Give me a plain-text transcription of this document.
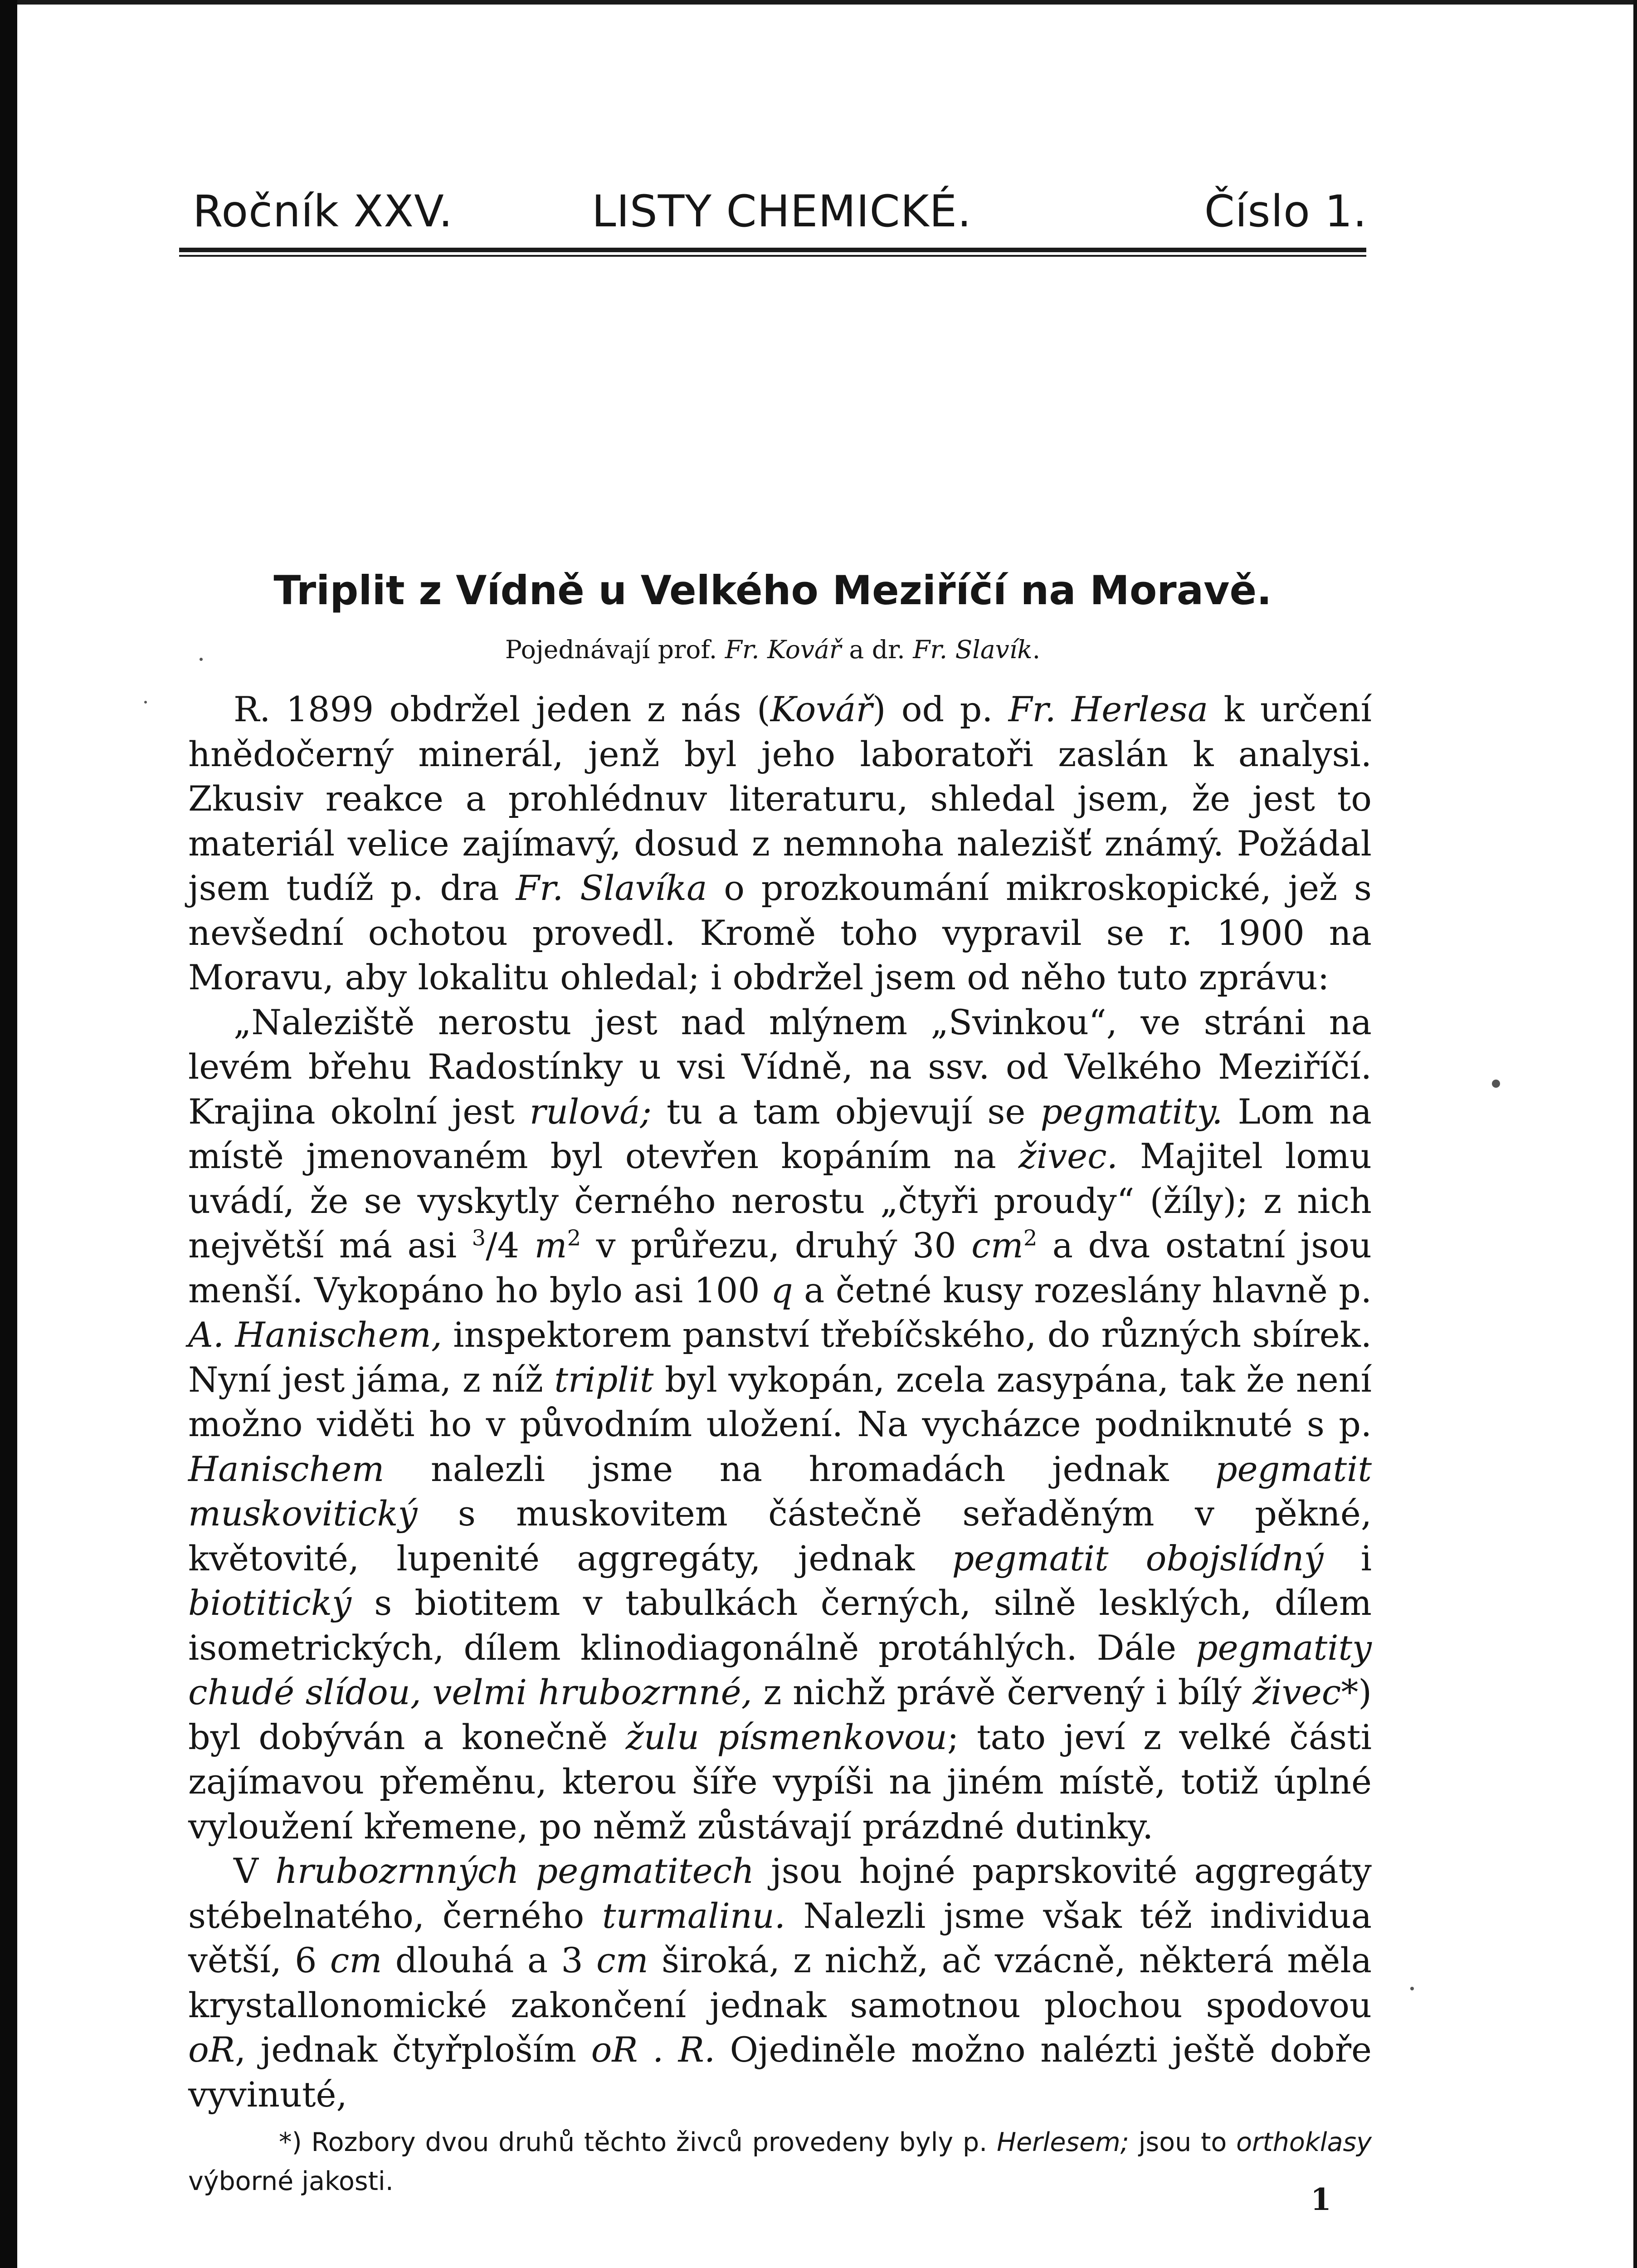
Ročník XXV.	LISTY CHEMICKÉ.	Číslo 1.
Triplit z Vídně u Velkého Meziříčí na Moravě.
Pojednávají prof. Fr. Kovář a dr. Fr. Slavík.

R. 1899 obdržel jeden z nás (Kovář) od p. Fr. Herlesa k určení hnědočerný minerál, jenž byl jeho laboratoři zaslán k analysi. Zkusiv reakce a prohlédnuv literaturu, shledal jsem, že jest to materiál velice zajímavý, dosud z nemnoha nalezišť známý. Požádal jsem tudíž p. dra Fr. Slavíka o prozkoumání mikroskopické, jež s nevšední ochotou provedl. Kromě toho vypravil se r. 1900 na Moravu, aby lokalitu ohledal; i obdržel jsem od něho tuto zprávu:

„Naleziště nerostu jest nad mlýnem „Svinkou“, ve stráni na levém břehu Radostínky u vsi Vídně, na ssv. od Velkého Meziříčí. Krajina okolní jest rulová; tu a tam objevují se pegmatity. Lom na místě jmenovaném byl otevřen kopáním na živec. Majitel lomu uvádí, že se vyskytly černého nerostu „čtyři proudy“ (žíly); z nich největší má asi $^3$/4 $m^2$ v průřezu, druhý 30 $cm^2$ a dva ostatní jsou menší. Vykopáno ho bylo asi 100 q a četné kusy rozeslány hlavně p. A. Hanischem, inspektorem panství třebíčského, do různých sbírek. Nyní jest jáma, z níž triplit byl vykopán, zcela zasypána, tak že není možno viděti ho v původním uložení. Na vycházce podniknuté s p. Hanischem nalezli jsme na hromadách jednak pegmatit muskovitický s muskovitem částečně seřaděným v pěkné, květovité, lupenité aggregáty, jednak pegmatit obojslídný i biotitický s biotitem v tabulkách černých, silně lesklých, dílem isometrických, dílem klinodiagonálně protáhlých. Dále pegmatity chudé slídou, velmi hrubozrnné, z nichž právě červený i bílý živec*) byl dobýván a konečně žulu písmenkovou; tato jeví z velké části zajímavou přeměnu, kterou šíře vypíši na jiném místě, totiž úplné vyloužení křemene, po němž zůstávají prázdné dutinky.

V hrubozrnných pegmatitech jsou hojné paprskovité aggregáty stébelnatého, černého turmalinu. Nalezli jsme však též individua větší, 6 cm dlouhá a 3 cm široká, z nichž, ač vzácně, některá měla krystallonomické zakončení jednak samotnou plochou spodovou oR, jednak čtyřploším oR . R. Ojediněle možno nalézti ještě dobře vyvinuté,

*) Rozbory dvou druhů těchto živců provedeny byly p. Herlesem; jsou to orthoklasy výborné jakosti.

1
